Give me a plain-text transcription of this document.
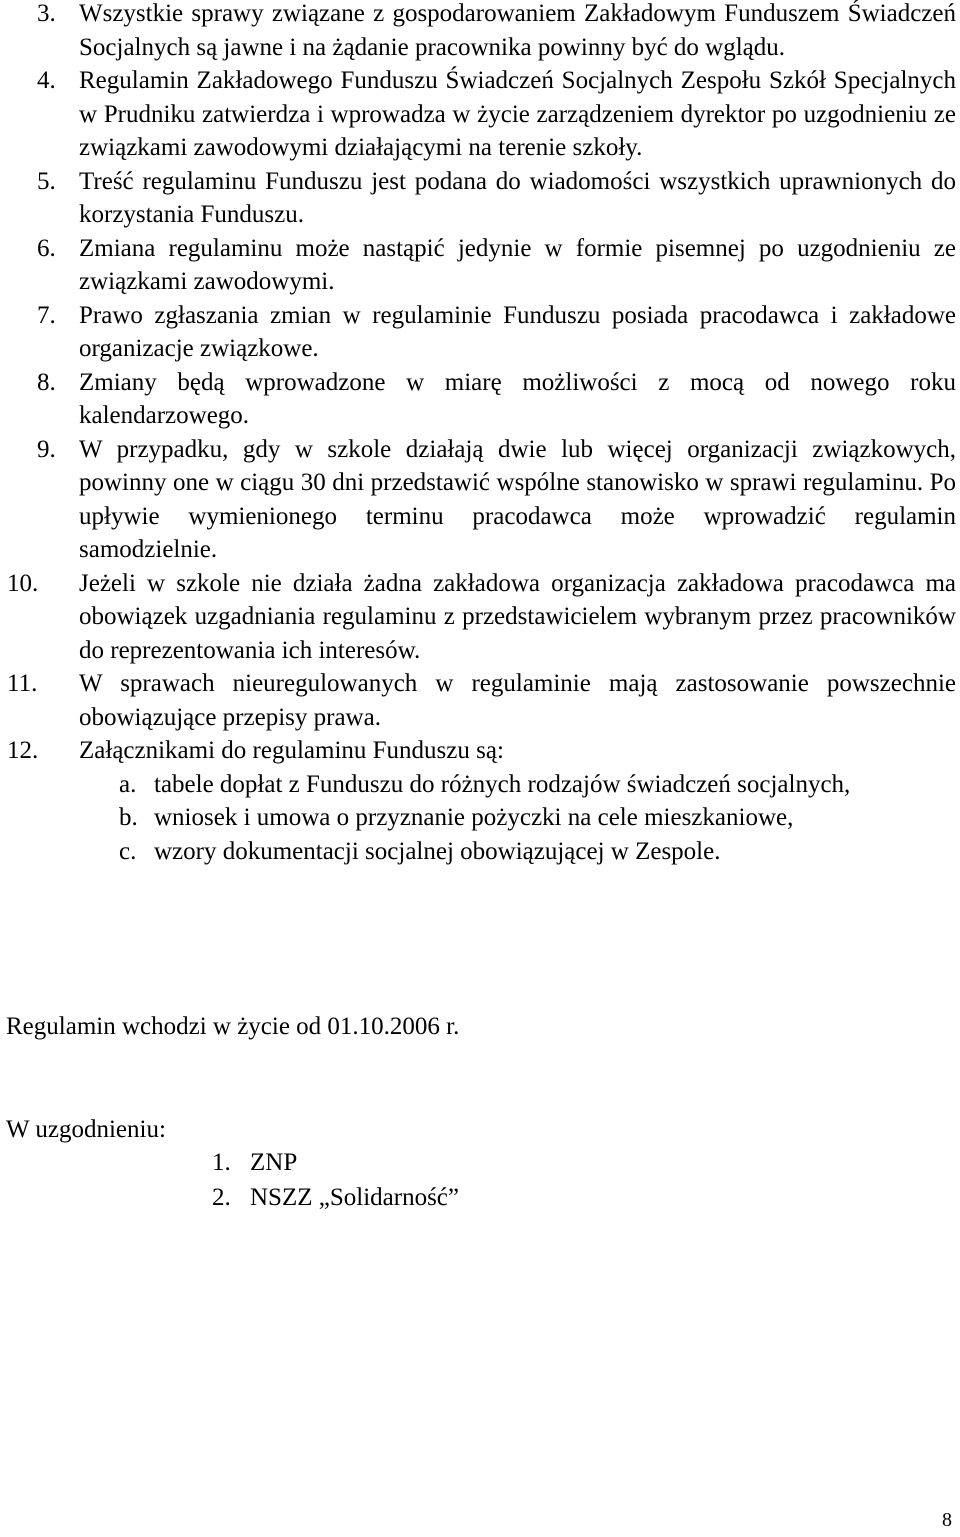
3. Wszystkie sprawy związane z gospodarowaniem Zakładowym Funduszem Świadczeń Socjalnych są jawne i na żądanie pracownika powinny być do wglądu.
4. Regulamin Zakładowego Funduszu Świadczeń Socjalnych Zespołu Szkół Specjalnych w Prudniku zatwierdza i wprowadza w życie zarządzeniem dyrektor po uzgodnieniu ze związkami zawodowymi działającymi na terenie szkoły.
5. Treść regulaminu Funduszu jest podana do wiadomości wszystkich uprawnionych do korzystania Funduszu.
6. Zmiana regulaminu może nastąpić jedynie w formie pisemnej po uzgodnieniu ze związkami zawodowymi.
7. Prawo zgłaszania zmian w regulaminie Funduszu posiada pracodawca i zakładowe organizacje związkowe.
8. Zmiany będą wprowadzone w miarę możliwości z mocą od nowego roku kalendarzowego.
9. W przypadku, gdy w szkole działają dwie lub więcej organizacji związkowych, powinny one w ciągu 30 dni przedstawić wspólne stanowisko w sprawi regulaminu. Po upływie wymienionego terminu pracodawca może wprowadzić regulamin samodzielnie.
10.	Jeżeli w szkole nie działa żadna zakładowa organizacja zakładowa pracodawca ma obowiązek uzgadniania regulaminu z przedstawicielem wybranym przez pracowników do reprezentowania ich interesów.
11.	W sprawach nieuregulowanych w regulaminie mają zastosowanie powszechnie obowiązujące przepisy prawa.
12.	Załącznikami do regulaminu Funduszu są:
a. tabele dopłat z Funduszu do różnych rodzajów świadczeń socjalnych,
b. wniosek i umowa o przyznanie pożyczki na cele mieszkaniowe,
c. wzory dokumentacji socjalnej obowiązującej w Zespole.

Regulamin wchodzi w życie od 01.10.2006 r.

W uzgodnieniu:

1. ZNP
2. NSZZ „Solidarność”
8
